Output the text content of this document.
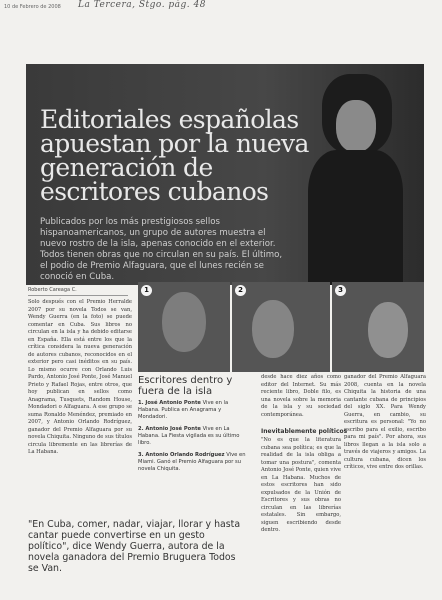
10 de Febrero de 2008 La Tercera, Stgo. pág. 48
Editoriales españolas
apuestan por la nueva
generación de
escritores cubanos
Publicados por los más prestigiosos sellos hispanoamericanos, un grupo de autores muestra el nuevo rostro de la isla, apenas conocido en el exterior. Todos tienen obras que no circulan en su país. El último, el podio de Premio Alfaguara, que el lunes recién se conoció en Cuba.
Roberto Careaga C.
Solo después con el Premio Herralde 2007 por su novela Todos se van, Wendy Guerra (en la foto) se puede comentar en Cuba. Sus libros no circulan en la isla y ha debido editarse en España. Ella está entre los que la crítica considera la nueva generación de autores cubanos, reconocidos en el exterior pero casi inéditos en su país. Lo mismo ocurre con Orlando Luis Pardo, Antonio José Ponte, José Manuel Prieto y Rafael Rojas, entre otros, que hoy publican en sellos como Anagrama, Tusquets, Random House, Mondadori o Alfaguara. A ese grupo se suma Ronaldo Menéndez, premiado en 2007, y Antonio Orlando Rodríguez, ganador del Premio Alfaguara por su novela Chiquita. Ninguno de sus títulos circula libremente en las librerías de La Habana.
1	2	3
Escritores dentro y fuera de la isla
1. José Antonio Ponte Vive en la Habana. Publica en Anagrama y Mondadori.
2. Antonio José Ponte Vive en La Habana. La Fiesta vigilada es su último libro.
3. Antonio Orlando Rodríguez Vive en Miami. Ganó el Premio Alfaguara por su novela Chiquita.
desde hace diez años como editor del Internet. Su más reciente libro, Doble filo, es una novela sobre la memoria de la isla y su sociedad contemporánea.
Inevitablemente políticos
"No es que la literatura cubana sea política; es que la realidad de la isla obliga a tomar una postura", comenta Antonio José Ponte, quien vive en La Habana. Muchos de estos escritores han sido expulsados de la Unión de Escritores y sus obras no circulan en las librerías estatales. Sin embargo, siguen escribiendo desde dentro.
ganador del Premio Alfaguara 2008, cuenta en la novela Chiquita la historia de una cantante cubana de principios del siglo XX. Para Wendy Guerra, en cambio, su escritura es personal: "Yo no escribo para el exilio, escribo para mi país". Por ahora, sus libros llegan a la isla solo a través de viajeros y amigos. La cultura cubana, dicen los críticos, vive entre dos orillas.
"En Cuba, comer, nadar, viajar, llorar y hasta cantar puede convertirse en un gesto político", dice Wendy Guerra, autora de la novela ganadora del Premio Bruguera Todos se Van.
